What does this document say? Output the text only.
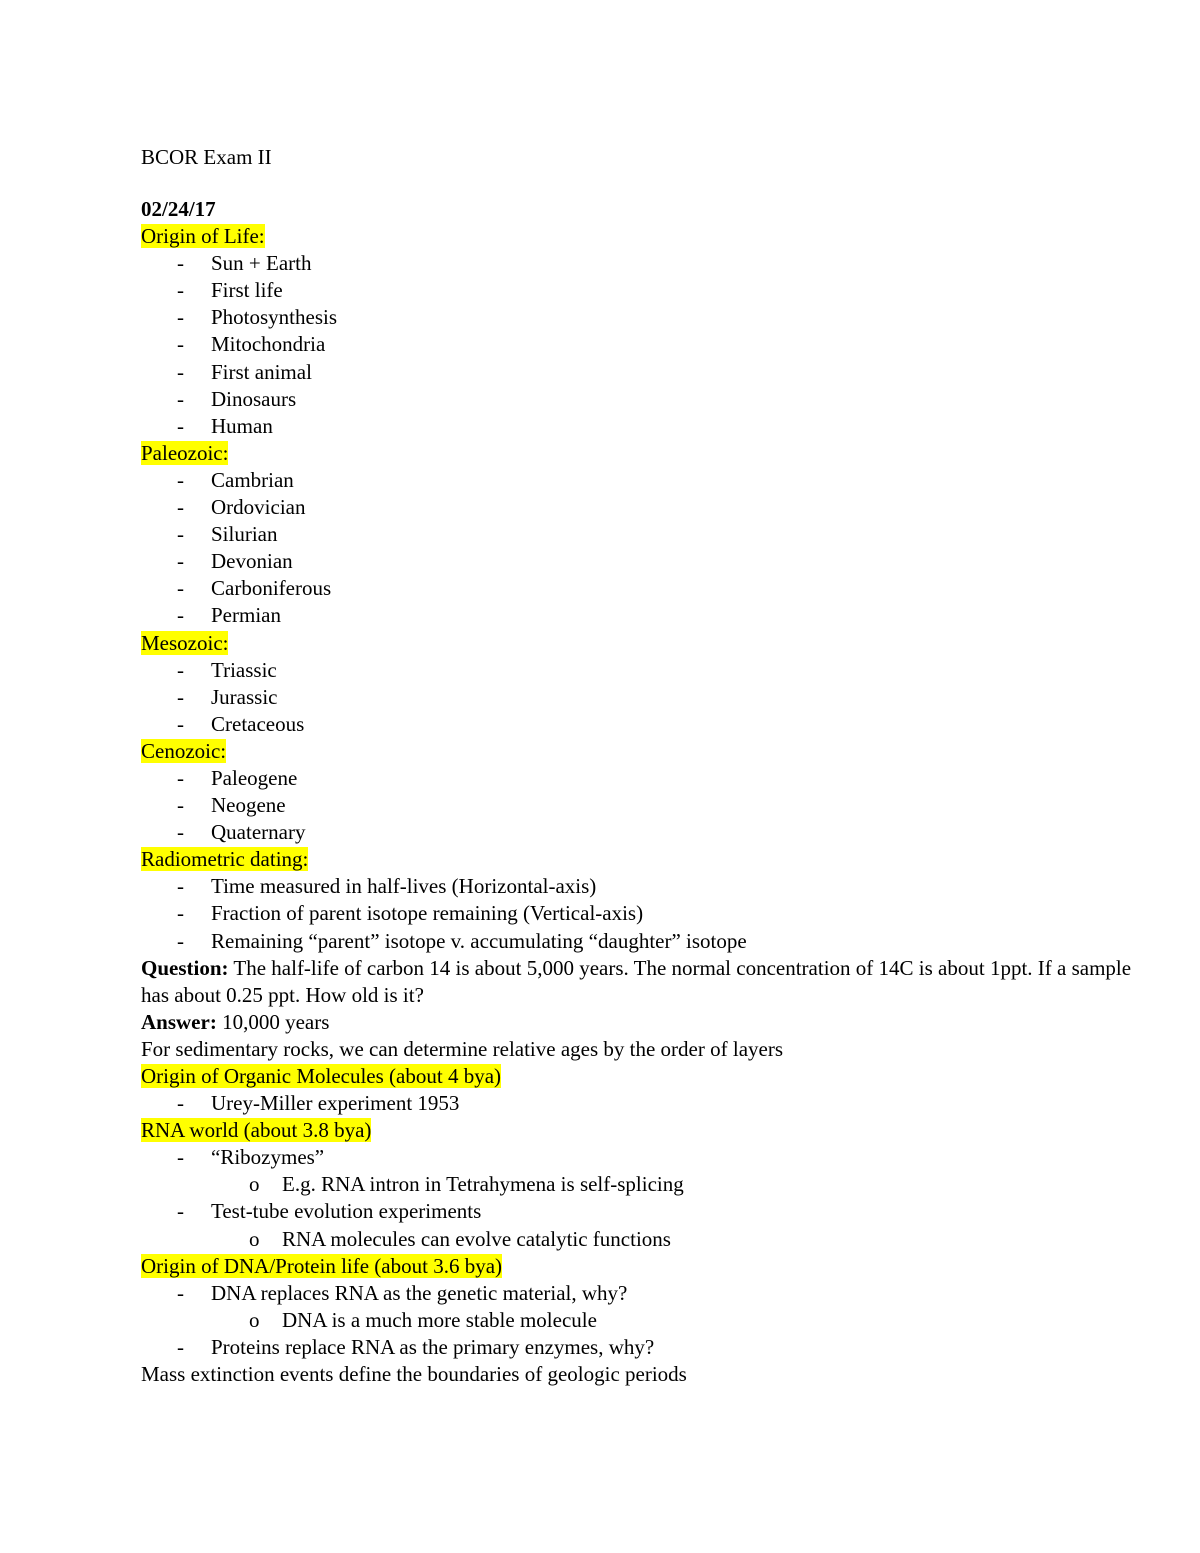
BCOR Exam II
02/24/17
Origin of Life:
- Sun + Earth
- First life
- Photosynthesis
- Mitochondria
- First animal
- Dinosaurs
- Human
Paleozoic:
- Cambrian
- Ordovician
- Silurian
- Devonian
- Carboniferous
- Permian
Mesozoic:
- Triassic
- Jurassic
- Cretaceous
Cenozoic:
- Paleogene
- Neogene
- Quaternary
Radiometric dating:
- Time measured in half-lives (Horizontal-axis)
- Fraction of parent isotope remaining (Vertical-axis)
- Remaining “parent” isotope v. accumulating “daughter” isotope
Question: The half-life of carbon 14 is about 5,000 years. The normal concentration of 14C is about 1ppt. If a sample has about 0.25 ppt. How old is it?
Answer: 10,000 years
For sedimentary rocks, we can determine relative ages by the order of layers
Origin of Organic Molecules (about 4 bya)
- Urey-Miller experiment 1953
RNA world (about 3.8 bya)
- “Ribozymes”
o E.g. RNA intron in Tetrahymena is self-splicing
- Test-tube evolution experiments
o RNA molecules can evolve catalytic functions
Origin of DNA/Protein life (about 3.6 bya)
- DNA replaces RNA as the genetic material, why?
o DNA is a much more stable molecule
- Proteins replace RNA as the primary enzymes, why?
Mass extinction events define the boundaries of geologic periods
